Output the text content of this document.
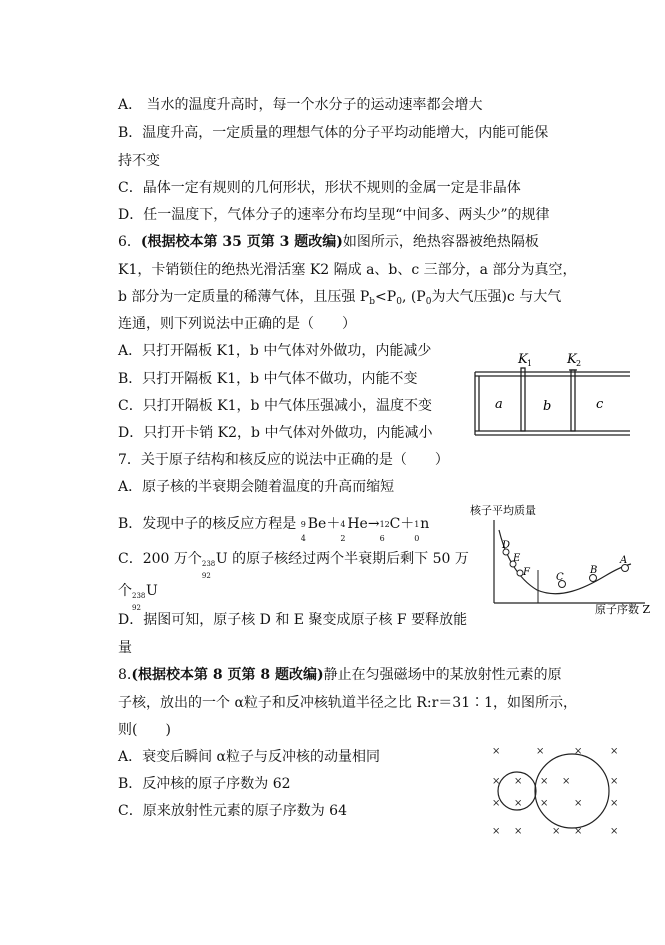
A． 当水的温度升高时，每一个水分子的运动速率都会增大
B．温度升高，一定质量的理想气体的分子平均动能增大，内能可能保
持不变
C．晶体一定有规则的几何形状，形状不规则的金属一定是非晶体
D．任一温度下，气体分子的速率分布均呈现“中间多、两头少”的规律
6．(根据校本第 35 页第 3 题改编)如图所示，绝热容器被绝热隔板
K1，卡销锁住的绝热光滑活塞 K2 隔成 a、b、c 三部分，a 部分为真空，
b 部分为一定质量的稀薄气体，且压强 $P_b<P_0$, ($P_0$为大气压强)c 与大气
连通，则下列说法中正确的是（　　）
A．只打开隔板 K1，b 中气体对外做功，内能减少
B．只打开隔板 K1，b 中气体不做功，内能不变
C．只打开隔板 K1，b 中气体压强减小，温度不变
D．只打开卡销 K2，b 中气体对外做功，内能减小
K 1	K 2
a	b	c
7．关于原子结构和核反应的说法中正确的是（　　）
A．原子核的半衰期会随着温度的升高而缩短
B．发现中子的核反应方程是 9
4
Be＋ 4
2
He→ 12
6
C＋ 1
0
n
C．200 万个 238
92
U 的原子核经过两个半衰期后剩下 50 万
个 238
92
U
D．据图可知，原子核 D 和 E 聚变成原子核 F 要释放能
量
核子平均质量
D
E
F	C
B
A
原子序数 Z
8.(根据校本第 8 页第 8 题改编)静止在匀强磁场中的某放射性元素的原
子核，放出的一个 α粒子和反冲核轨道半径之比 R:r＝31∶1，如图所示，
则(　　)
A．衰变后瞬间 α粒子与反冲核的动量相同
B．反冲核的原子序数为 62
C．原来放射性元素的原子序数为 64
×	×	×	×
× × × ×	×
× × ×	×	×
× ×	× ×	×
